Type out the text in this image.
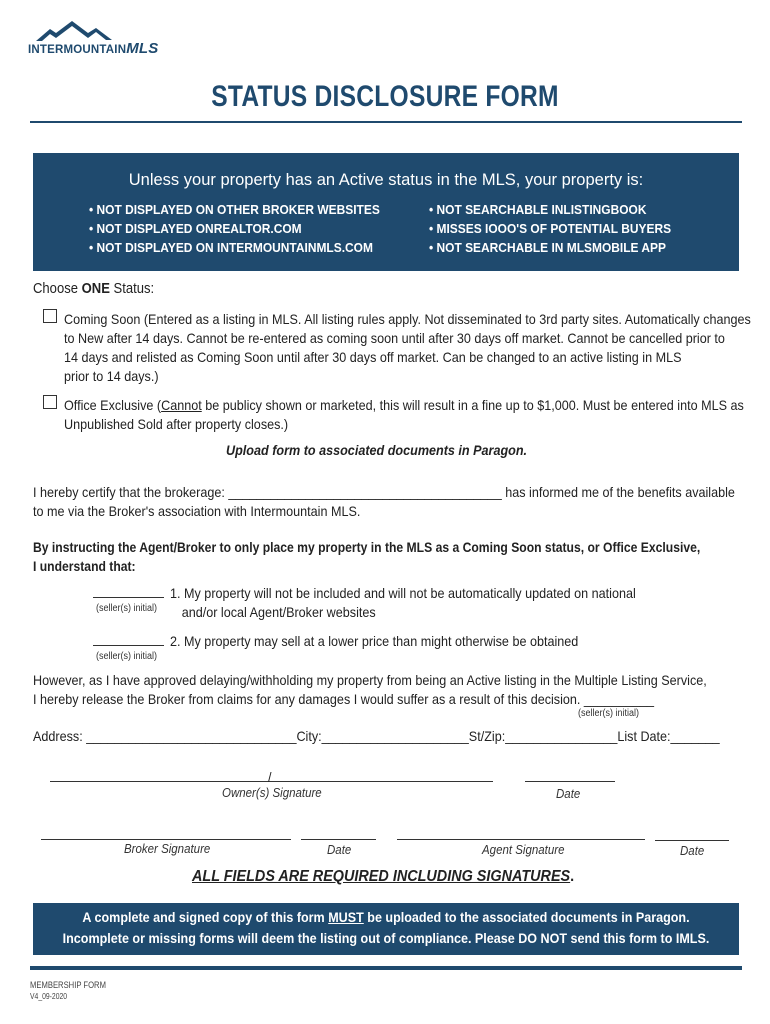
INTERMOUNTAINMLS
STATUS DISCLOSURE FORM
Unless your property has an Active status in the MLS, your property is:
• NOT DISPLAYED ON OTHER BROKER WEBSITES
• NOT DISPLAYED ONREALTOR.COM
• NOT DISPLAYED ON INTERMOUNTAINMLS.COM
• NOT SEARCHABLE INLISTINGBOOK
• MISSES IOOO'S OF POTENTIAL BUYERS
• NOT SEARCHABLE IN MLSMOBILE APP
Choose ONE Status:
Coming Soon (Entered as a listing in MLS. All listing rules apply. Not disseminated to 3rd party sites. Automatically changes
to New after 14 days. Cannot be re-entered as coming soon until after 30 days off market. Cannot be cancelled prior to
14 days and relisted as Coming Soon until after 30 days off market. Can be changed to an active listing in MLS
prior to 14 days.)
Office Exclusive (Cannot be publicy shown or marketed, this will result in a fine up to $1,000. Must be entered into MLS as
Unpublished Sold after property closes.)
Upload form to associated documents in Paragon.
I hereby certify that the brokerage: _______________________________________ has informed me of the benefits available
to me via the Broker's association with Intermountain MLS.
By instructing the Agent/Broker to only place my property in the MLS as a Coming Soon status, or Office Exclusive,
I understand that:
(seller(s) initial)
1. My property will not be included and will not be automatically updated on national
and/or local Agent/Broker websites
(seller(s) initial)
2. My property may sell at a lower price than might otherwise be obtained
However, as I have approved delaying/withholding my property from being an Active listing in the Multiple Listing Service,
I hereby release the Broker from claims for any damages I would suffer as a result of this decision. __________
(seller(s) initial)
Address: ______________________________City:_____________________St/Zip:________________List Date:_______
/
Owner(s) Signature	Date
Broker Signature	Date	Agent Signature	Date
ALL FIELDS ARE REQUIRED INCLUDING SIGNATURES.
A complete and signed copy of this form MUST be uploaded to the associated documents in Paragon.
Incomplete or missing forms will deem the listing out of compliance. Please DO NOT send this form to IMLS.
MEMBERSHIP FORM
V4_09-2020
